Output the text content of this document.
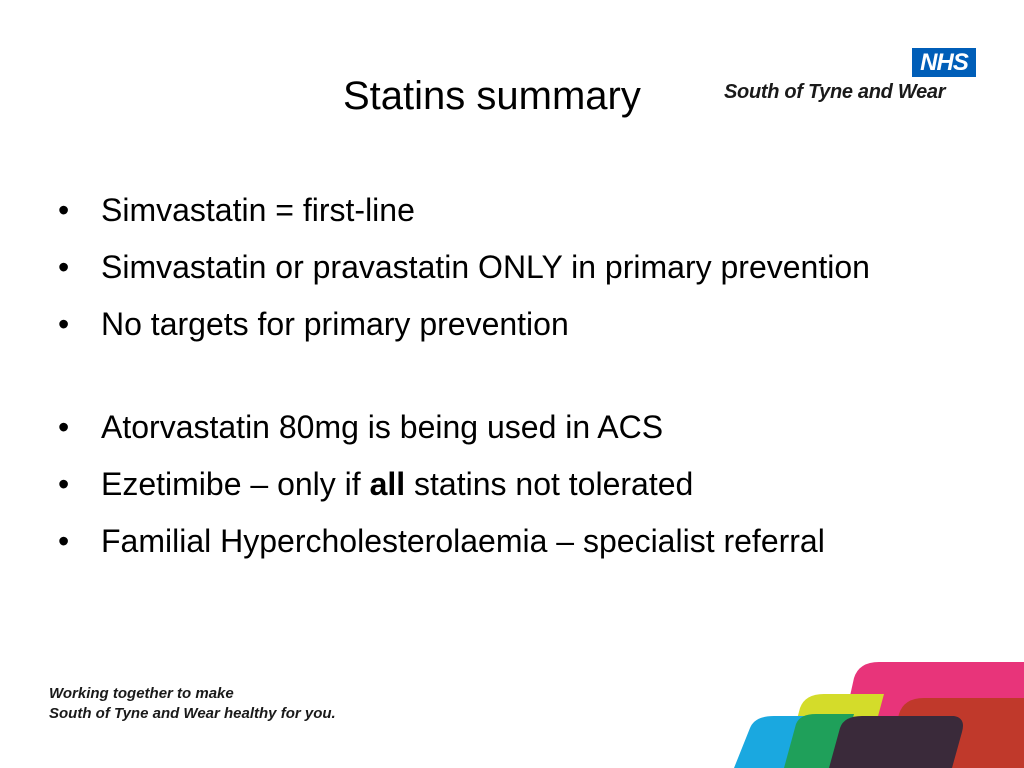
Statins summary
NHS
South of Tyne and Wear
• Simvastatin = first-line
• Simvastatin or pravastatin ONLY in primary prevention
• No targets for primary prevention
• Atorvastatin 80mg is being used in ACS
• Ezetimibe – only if all statins not tolerated
• Familial Hypercholesterolaemia – specialist referral
Working together to make
South of Tyne and Wear healthy for you.
